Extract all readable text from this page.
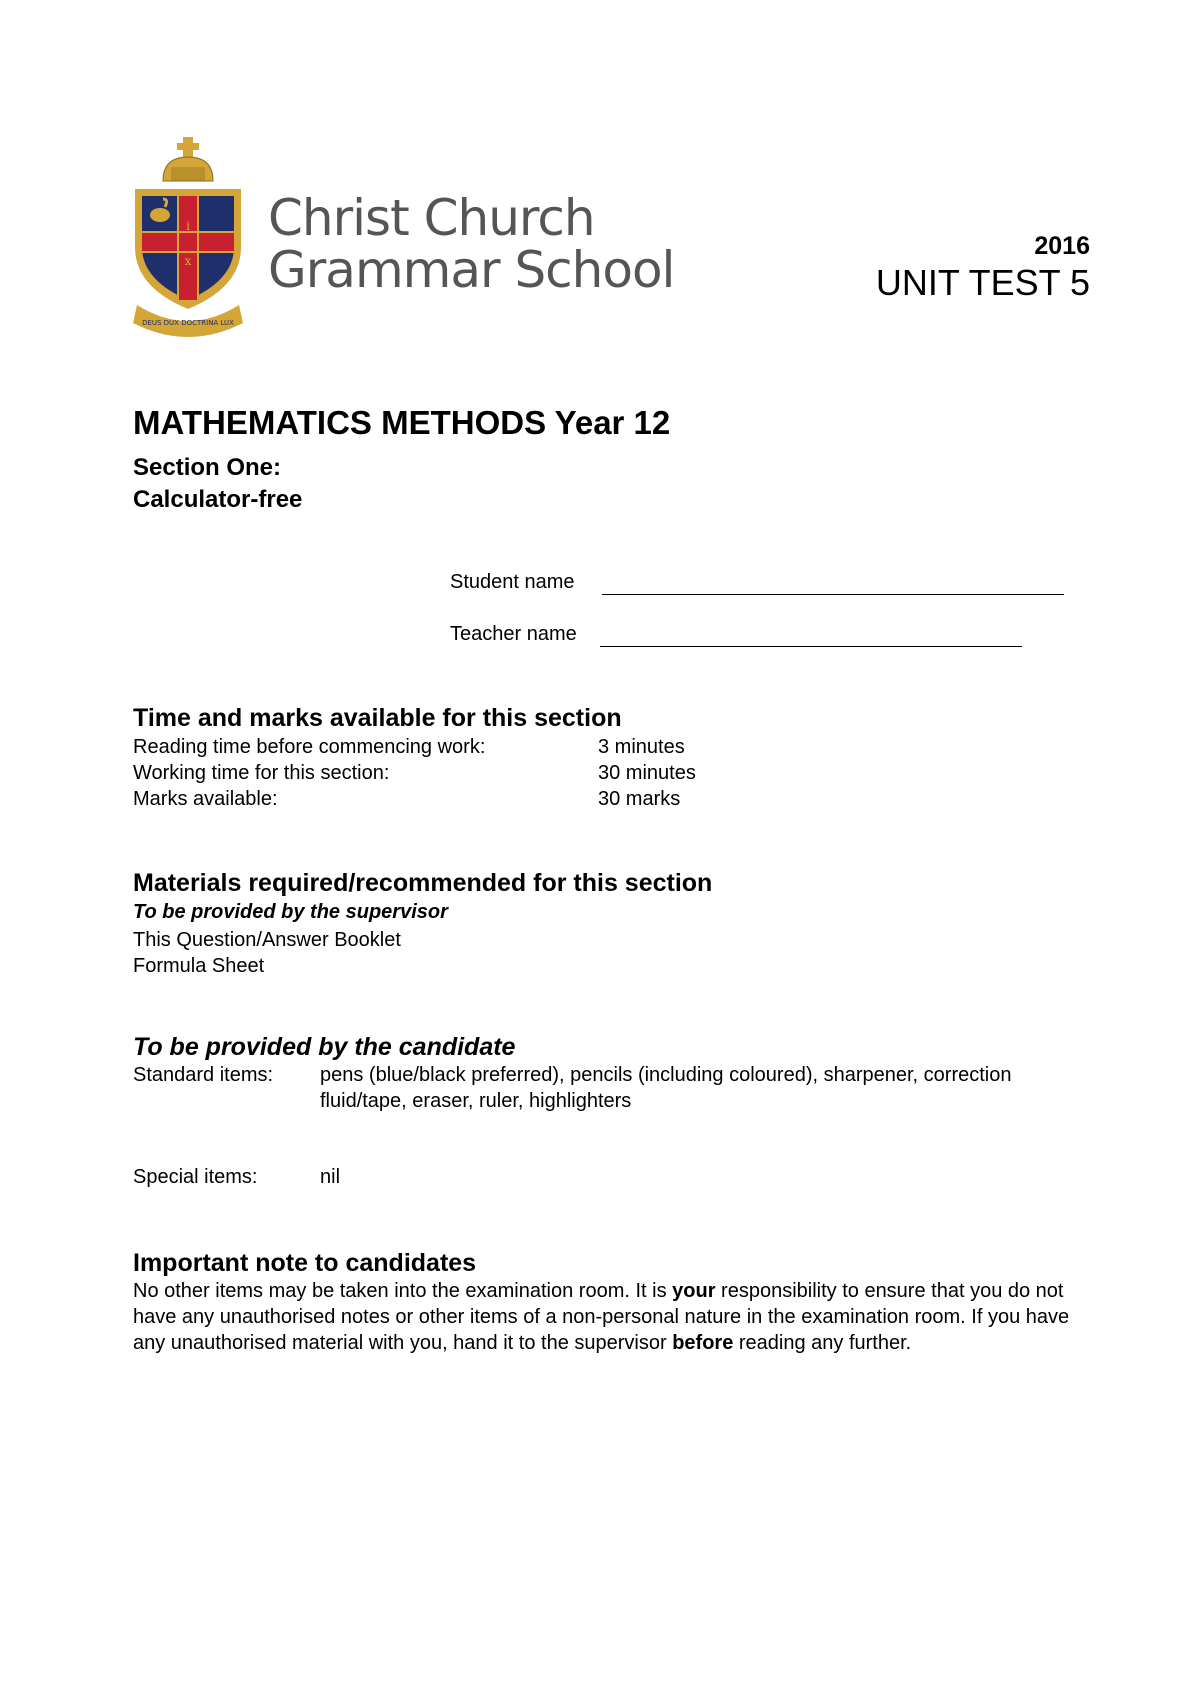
i
x
DEUS DUX DOCTRINA LUX
Christ Church
Grammar School	2016
UNIT TEST 5
MATHEMATICS METHODS Year 12
Section One:
Calculator-free
Student name
Teacher name
Time and marks available for this section
Reading time before commencing work:	3 minutes
Working time for this section:	30 minutes
Marks available:	30 marks
Materials required/recommended for this section
To be provided by the supervisor
This Question/Answer Booklet
Formula Sheet
To be provided by the candidate
Standard items: pens (blue/black preferred), pencils (including coloured), sharpener, correction
fluid/tape, eraser, ruler, highlighters
Special items:	nil
Important note to candidates
No other items may be taken into the examination room. It is your responsibility to ensure that you do not have any unauthorised notes or other items of a non-personal nature in the examination room. If you have any unauthorised material with you, hand it to the supervisor before reading any further.
